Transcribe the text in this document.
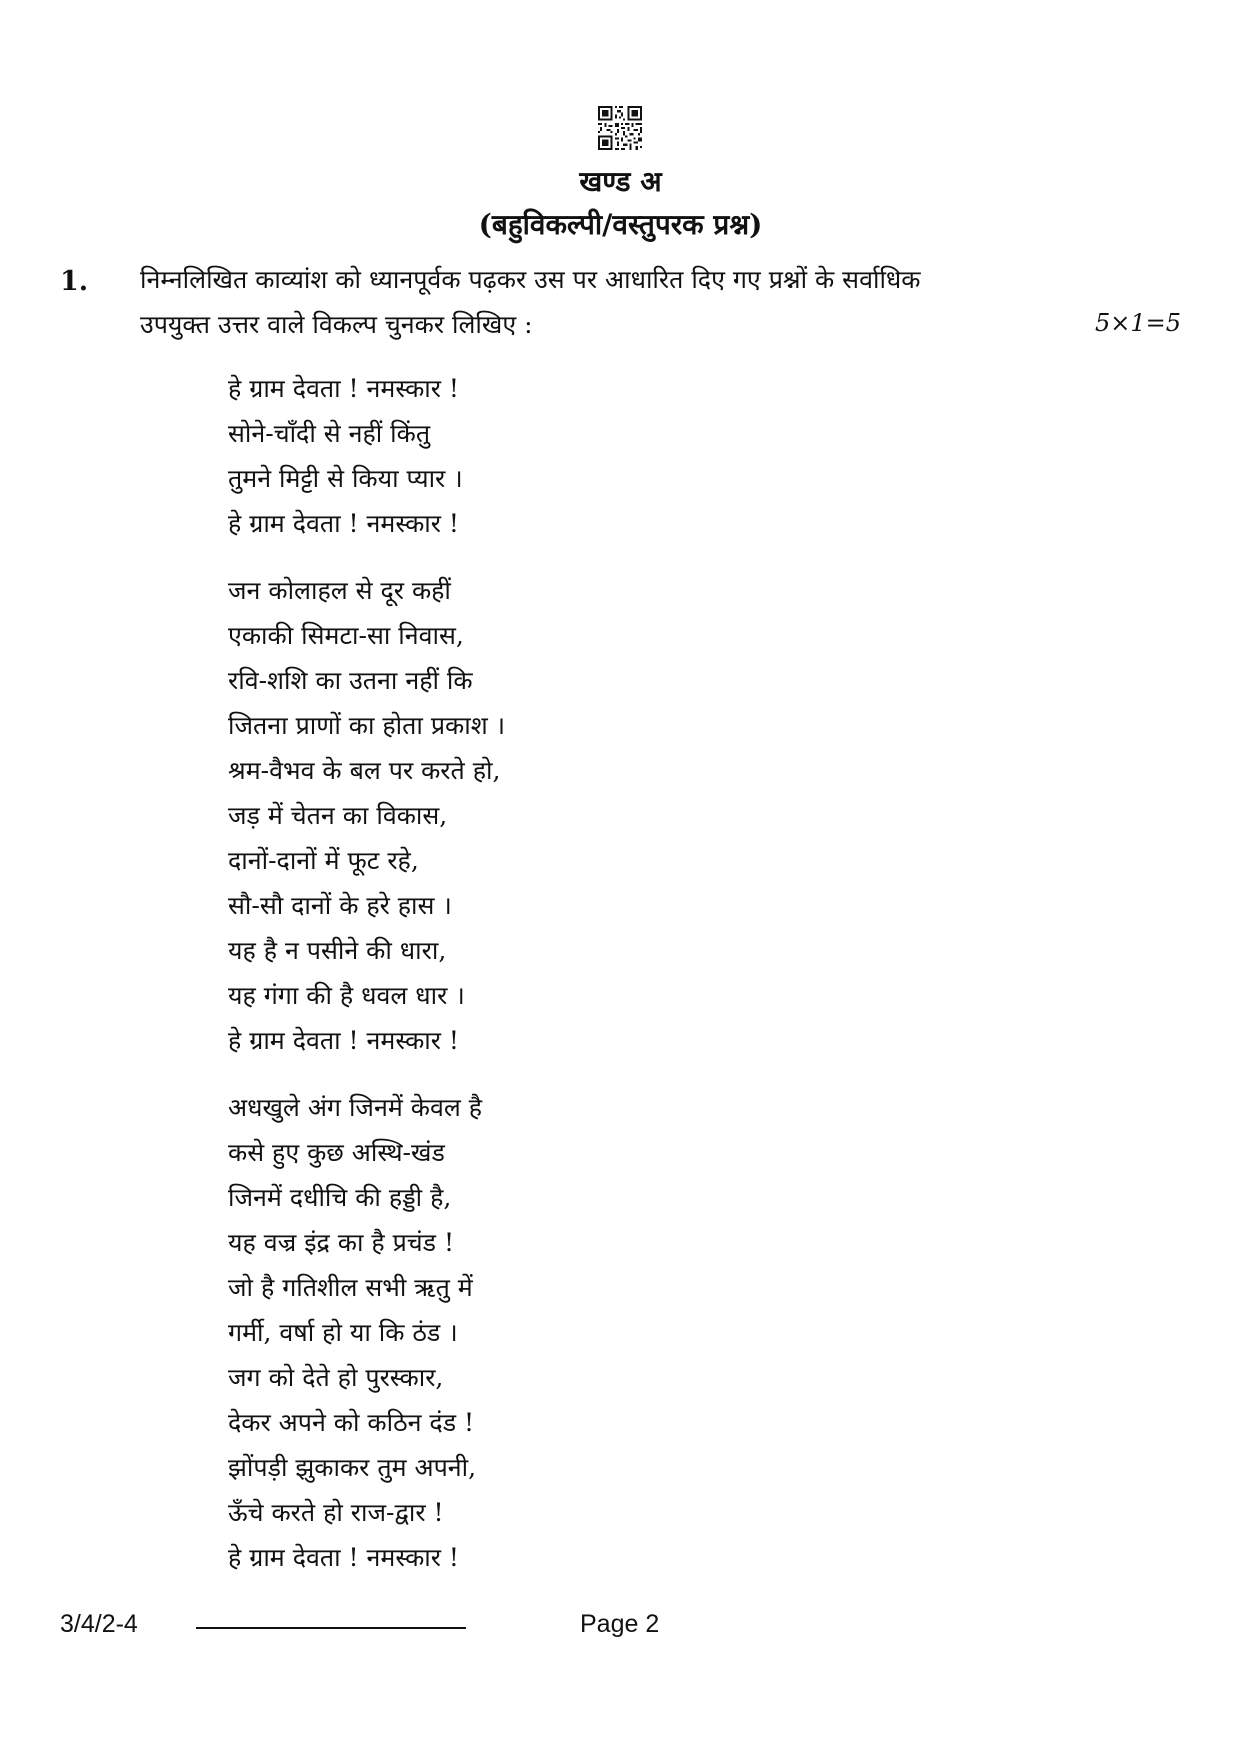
खण्ड अ
(बहुविकल्पी/वस्तुपरक प्रश्न)
1. निम्नलिखित काव्यांश को ध्यानपूर्वक पढ़कर उस पर आधारित दिए गए प्रश्नों के सर्वाधिक
उपयुक्त उत्तर वाले विकल्प चुनकर लिखिए :	5×1=5
हे ग्राम देवता ! नमस्कार !
सोने-चाँदी से नहीं किंतु
तुमने मिट्टी से किया प्यार ।
हे ग्राम देवता ! नमस्कार !
जन कोलाहल से दूर कहीं
एकाकी सिमटा-सा निवास,
रवि-शशि का उतना नहीं कि
जितना प्राणों का होता प्रकाश ।
श्रम-वैभव के बल पर करते हो,
जड़ में चेतन का विकास,
दानों-दानों में फूट रहे,
सौ-सौ दानों के हरे हास ।
यह है न पसीने की धारा,
यह गंगा की है धवल धार ।
हे ग्राम देवता ! नमस्कार !
अधखुले अंग जिनमें केवल है
कसे हुए कुछ अस्थि-खंड
जिनमें दधीचि की हड्डी है,
यह वज्र इंद्र का है प्रचंड !
जो है गतिशील सभी ऋतु में
गर्मी, वर्षा हो या कि ठंड ।
जग को देते हो पुरस्कार,
देकर अपने को कठिन दंड !
झोंपड़ी झुकाकर तुम अपनी,
ऊँचे करते हो राज-द्वार !
हे ग्राम देवता ! नमस्कार !
3/4/2-4	Page 2
